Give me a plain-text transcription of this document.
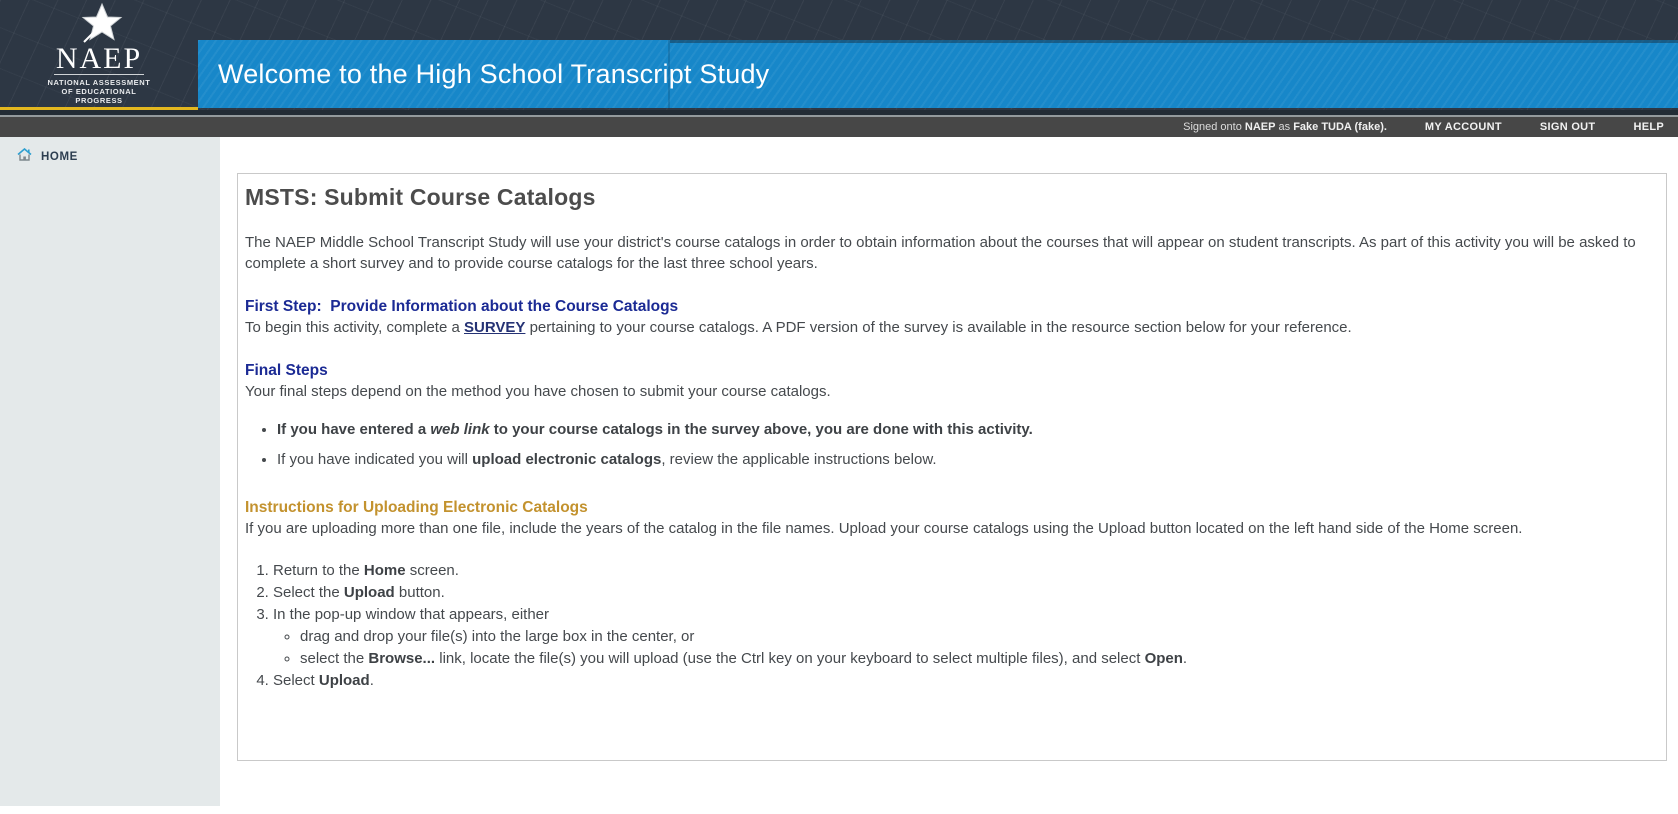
NAEP
NATIONAL ASSESSMENT
OF EDUCATIONAL
PROGRESS
Welcome to the High School Transcript Study
Signed onto NAEP as Fake TUDA (fake).	MY ACCOUNT	SIGN OUT	HELP
HOME
MSTS: Submit Course Catalogs

The NAEP Middle School Transcript Study will use your district's course catalogs in order to obtain information about the courses that will appear on student transcripts. As part of this activity you will be asked to complete a short survey and to provide course catalogs for the last three school years.

First Step:  Provide Information about the Course Catalogs

To begin this activity, complete a SURVEY pertaining to your course catalogs. A PDF version of the survey is available in the resource section below for your reference.

Final Steps

Your final steps depend on the method you have chosen to submit your course catalogs.

• If you have entered a web link to your course catalogs in the survey above, you are done with this activity.
• If you have indicated you will upload electronic catalogs, review the applicable instructions below.
Instructions for Uploading Electronic Catalogs

If you are uploading more than one file, include the years of the catalog in the file names. Upload your course catalogs using the Upload button located on the left hand side of the Home screen.

1. Return to the Home screen.
2. Select the Upload button.
3. In the pop-up window that appears, either
◦ drag and drop your file(s) into the large box in the center, or
◦ select the Browse... link, locate the file(s) you will upload (use the Ctrl key on your keyboard to select multiple files), and select Open.
4. Select Upload.
